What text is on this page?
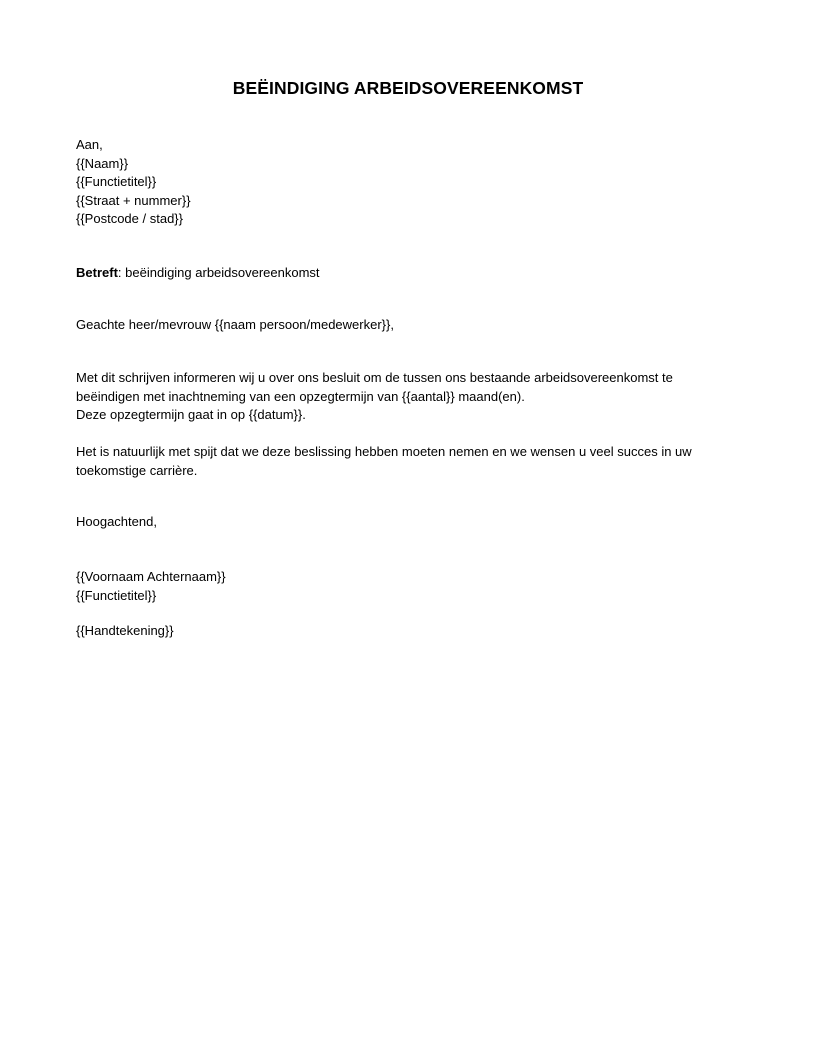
BEËINDIGING ARBEIDSOVEREENKOMST
Aan,
{{Naam}}
{{Functietitel}}
{{Straat + nummer}}
{{Postcode / stad}}
Betreft: beëindiging arbeidsovereenkomst
Geachte heer/mevrouw {{naam persoon/medewerker}},
Met dit schrijven informeren wij u over ons besluit om de tussen ons bestaande arbeidsovereenkomst te
beëindigen met inachtneming van een opzegtermijn van {{aantal}} maand(en).
Deze opzegtermijn gaat in op {{datum}}.
Het is natuurlijk met spijt dat we deze beslissing hebben moeten nemen en we wensen u veel succes in uw
toekomstige carrière.
Hoogachtend,
{{Voornaam Achternaam}}
{{Functietitel}}
{{Handtekening}}
